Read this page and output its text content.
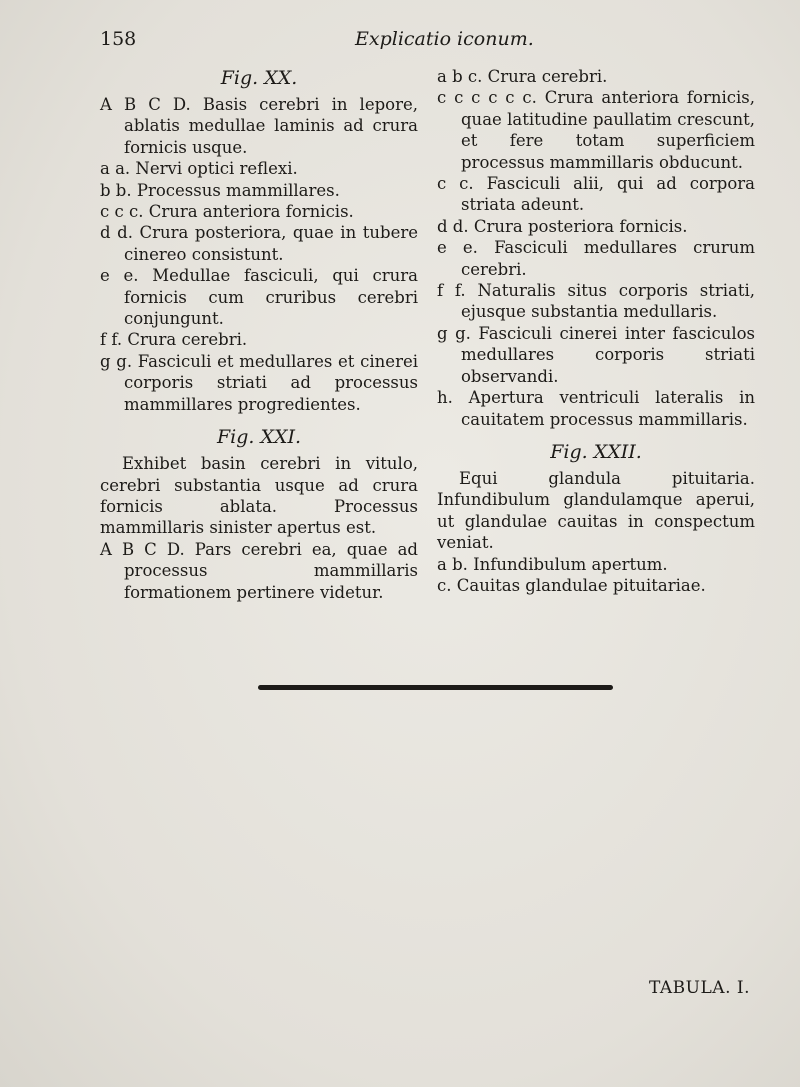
158	Explicatio iconum.
Fig. XX.

A B C D. Basis cerebri in lepore, ablatis medullae laminis ad crura fornicis usque.

a a. Nervi optici reflexi.

b b. Processus mammillares.

c c c. Crura anteriora fornicis.

d d. Crura posteriora, quae in tubere cinereo consistunt.

e e. Medullae fasciculi, qui crura fornicis cum cruribus cerebri conjungunt.

f f. Crura cerebri.

g g. Fasciculi et medullares et cinerei corporis striati ad processus mammillares progredientes.

Fig. XXI.

Exhibet basin cerebri in vitulo, cerebri substantia usque ad crura fornicis ablata. Processus mammillaris sinister apertus est.

A B C D. Pars cerebri ea, quae ad processus mammillaris formationem pertinere videtur.

a b c. Crura cerebri.

c c c c c c. Crura anteriora fornicis, quae latitudine paullatim crescunt, et fere totam superficiem processus mammillaris obducunt.

c c. Fasciculi alii, qui ad corpora striata adeunt.

d d. Crura posteriora fornicis.

e e. Fasciculi medullares crurum cerebri.

f f. Naturalis situs corporis striati, ejusque substantia medullaris.

g g. Fasciculi cinerei inter fasciculos medullares corporis striati observandi.

h. Apertura ventriculi lateralis in cauitatem processus mammillaris.

Fig. XXII.

Equi glandula pituitaria. Infundibulum glandulamque aperui, ut glandulae cauitas in conspectum veniat.

a b. Infundibulum apertum.

c. Cauitas glandulae pituitariae.

TABULA. I.
